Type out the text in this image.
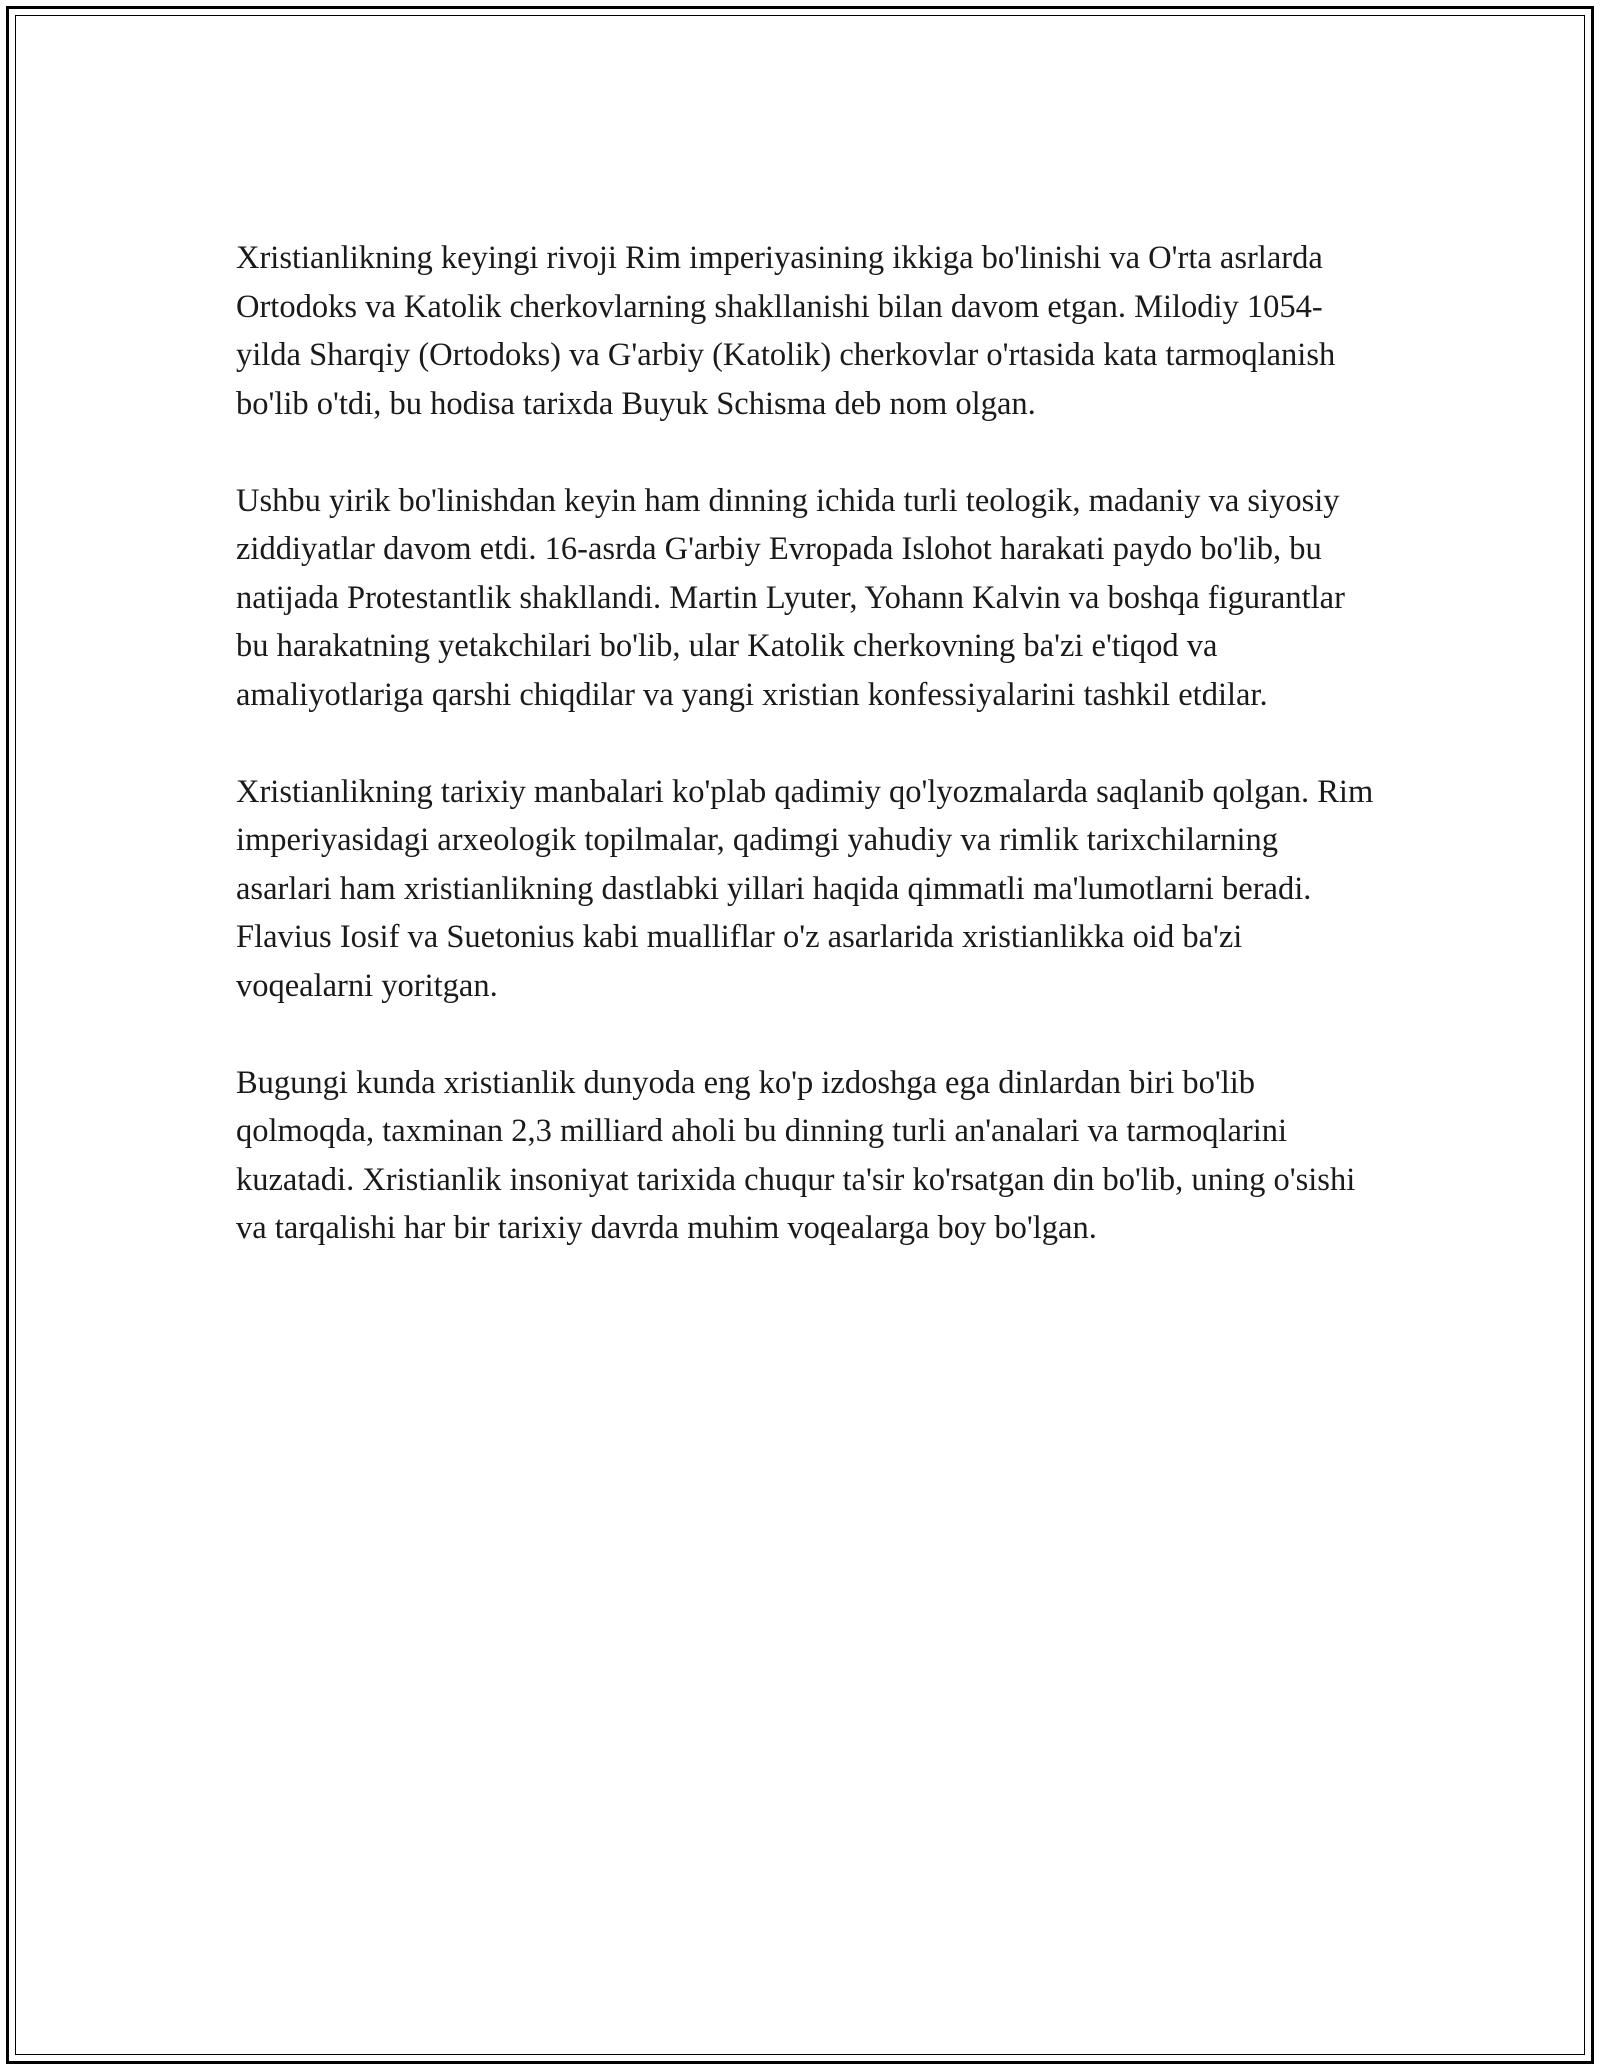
Xristianlikning keyingi rivoji Rim imperiyasining ikkiga bo'linishi va O'rta asrlarda Ortodoks va Katolik cherkovlarning shakllanishi bilan davom etgan. Milodiy 1054-yilda Sharqiy (Ortodoks) va G'arbiy (Katolik) cherkovlar o'rtasida kata tarmoqlanish bo'lib o'tdi, bu hodisa tarixda Buyuk Schisma deb nom olgan.

Ushbu yirik bo'linishdan keyin ham dinning ichida turli teologik, madaniy va siyosiy ziddiyatlar davom etdi. 16-asrda G'arbiy Evropada Islohot harakati paydo bo'lib, bu natijada Protestantlik shakllandi. Martin Lyuter, Yohann Kalvin va boshqa figurantlar bu harakatning yetakchilari bo'lib, ular Katolik cherkovning ba'zi e'tiqod va amaliyotlariga qarshi chiqdilar va yangi xristian konfessiyalarini tashkil etdilar.

Xristianlikning tarixiy manbalari ko'plab qadimiy qo'lyozmalarda saqlanib qolgan. Rim imperiyasidagi arxeologik topilmalar, qadimgi yahudiy va rimlik tarixchilarning asarlari ham xristianlikning dastlabki yillari haqida qimmatli ma'lumotlarni beradi. Flavius Iosif va Suetonius kabi mualliflar o'z asarlarida xristianlikka oid ba'zi voqealarni yoritgan.

Bugungi kunda xristianlik dunyoda eng ko'p izdoshga ega dinlardan biri bo'lib qolmoqda, taxminan 2,3 milliard aholi bu dinning turli an'analari va tarmoqlarini kuzatadi. Xristianlik insoniyat tarixida chuqur ta'sir ko'rsatgan din bo'lib, uning o'sishi va tarqalishi har bir tarixiy davrda muhim voqealarga boy bo'lgan.
